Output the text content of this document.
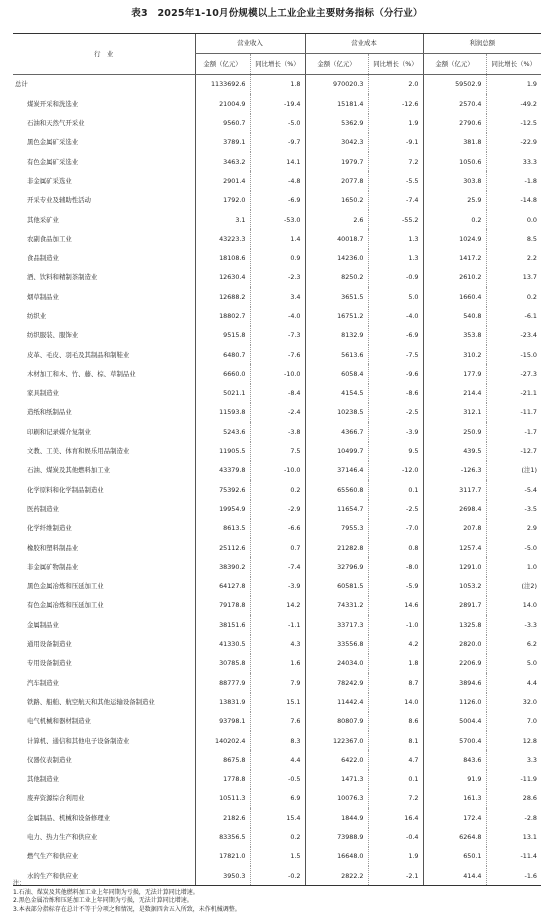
表3　2025年1-10月份规模以上工业企业主要财务指标（分行业）
行　业	营业收入		营业成本		利润总额	
	金额（亿元）	同比增长（%）	金额（亿元）	同比增长（%）	金额（亿元）	同比增长（%）
总计	1133692.6	1.8	970020.3	2.0	59502.9	1.9
煤炭开采和洗选业	21004.9	-19.4	15181.4	-12.6	2570.4	-49.2
石油和天然气开采业	9560.7	-5.0	5362.9	1.9	2790.6	-12.5
黑色金属矿采选业	3789.1	-9.7	3042.3	-9.1	381.8	-22.9
有色金属矿采选业	3463.2	14.1	1979.7	7.2	1050.6	33.3
非金属矿采选业	2901.4	-4.8	2077.8	-5.5	303.8	-1.8
开采专业及辅助性活动	1792.0	-6.9	1650.2	-7.4	25.9	-14.8
其他采矿业	3.1	-53.0	2.6	-55.2	0.2	0.0
农副食品加工业	43223.3	1.4	40018.7	1.3	1024.9	8.5
食品制造业	18108.6	0.9	14236.0	1.3	1417.2	2.2
酒、饮料和精制茶制造业	12630.4	-2.3	8250.2	-0.9	2610.2	13.7
烟草制品业	12688.2	3.4	3651.5	5.0	1660.4	0.2
纺织业	18802.7	-4.0	16751.2	-4.0	540.8	-6.1
纺织服装、服饰业	9515.8	-7.3	8132.9	-6.9	353.8	-23.4
皮革、毛皮、羽毛及其制品和制鞋业	6480.7	-7.6	5613.6	-7.5	310.2	-15.0
木材加工和木、竹、藤、棕、草制品业	6660.0	-10.0	6058.4	-9.6	177.9	-27.3
家具制造业	5021.1	-8.4	4154.5	-8.6	214.4	-21.1
造纸和纸制品业	11593.8	-2.4	10238.5	-2.5	312.1	-11.7
印刷和记录媒介复制业	5243.6	-3.8	4366.7	-3.9	250.9	-1.7
文教、工美、体育和娱乐用品制造业	11905.5	7.5	10499.7	9.5	439.5	-12.7
石油、煤炭及其他燃料加工业	43379.8	-10.0	37146.4	-12.0	-126.3	(注1)
化学原料和化学制品制造业	75392.6	0.2	65560.8	0.1	3117.7	-5.4
医药制造业	19954.9	-2.9	11654.7	-2.5	2698.4	-3.5
化学纤维制造业	8613.5	-6.6	7955.3	-7.0	207.8	2.9
橡胶和塑料制品业	25112.6	0.7	21282.8	0.8	1257.4	-5.0
非金属矿物制品业	38390.2	-7.4	32796.9	-8.0	1291.0	1.0
黑色金属冶炼和压延加工业	64127.8	-3.9	60581.5	-5.9	1053.2	(注2)
有色金属冶炼和压延加工业	79178.8	14.2	74331.2	14.6	2891.7	14.0
金属制品业	38151.6	-1.1	33717.3	-1.0	1325.8	-3.3
通用设备制造业	41330.5	4.3	33556.8	4.2	2820.0	6.2
专用设备制造业	30785.8	1.6	24034.0	1.8	2206.9	5.0
汽车制造业	88777.9	7.9	78242.9	8.7	3894.6	4.4
铁路、船舶、航空航天和其他运输设备制造业	13831.9	15.1	11442.4	14.0	1126.0	32.0
电气机械和器材制造业	93798.1	7.6	80807.9	8.6	5004.4	7.0
计算机、通信和其他电子设备制造业	140202.4	8.3	122367.0	8.1	5700.4	12.8
仪器仪表制造业	8675.8	4.4	6422.0	4.7	843.6	3.3
其他制造业	1778.8	-0.5	1471.3	0.1	91.9	-11.9
废弃资源综合利用业	10511.3	6.9	10076.3	7.2	161.3	28.6
金属制品、机械和设备修理业	2182.6	15.4	1844.9	16.4	172.4	-2.8
电力、热力生产和供应业	83356.5	0.2	73988.9	-0.4	6264.8	13.1
燃气生产和供应业	17821.0	1.5	16648.0	1.9	650.1	-11.4
水的生产和供应业	3950.3	-0.2	2822.2	-2.1	414.4	-1.6
注：
1.石油、煤炭及其他燃料加工业上年同期为亏损，无法计算同比增速。
2.黑色金属冶炼和压延加工业上年同期为亏损，无法计算同比增速。
3.本表部分指标存在总计不等于分项之和情况，是数据四舍五入所致，未作机械调整。
